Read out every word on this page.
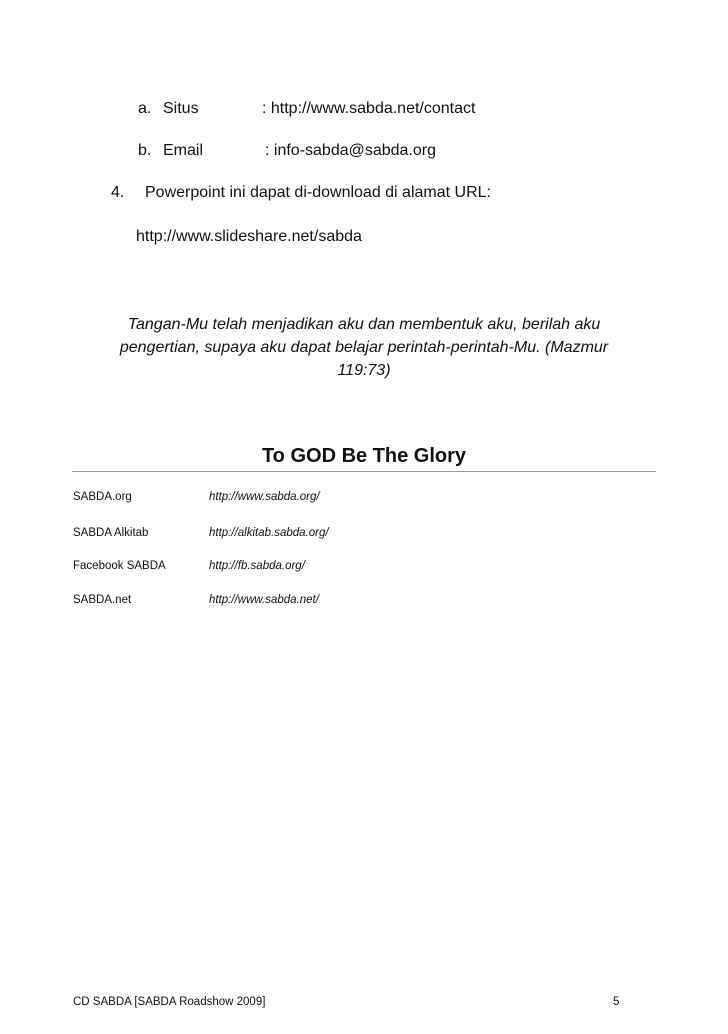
a. Situs	: http://www.sabda.net/contact
b. Email	: info-sabda@sabda.org
4. Powerpoint ini dapat di-download di alamat URL:
http://www.slideshare.net/sabda
Tangan-Mu telah menjadikan aku dan membentuk aku, berilah aku
pengertian, supaya aku dapat belajar perintah-perintah-Mu. (Mazmur
119:73)
To GOD Be The Glory
SABDA.org	http://www.sabda.org/
SABDA Alkitab	http://alkitab.sabda.org/
Facebook SABDA	http://fb.sabda.org/
SABDA.net	http://www.sabda.net/
CD SABDA [SABDA Roadshow 2009]	5
